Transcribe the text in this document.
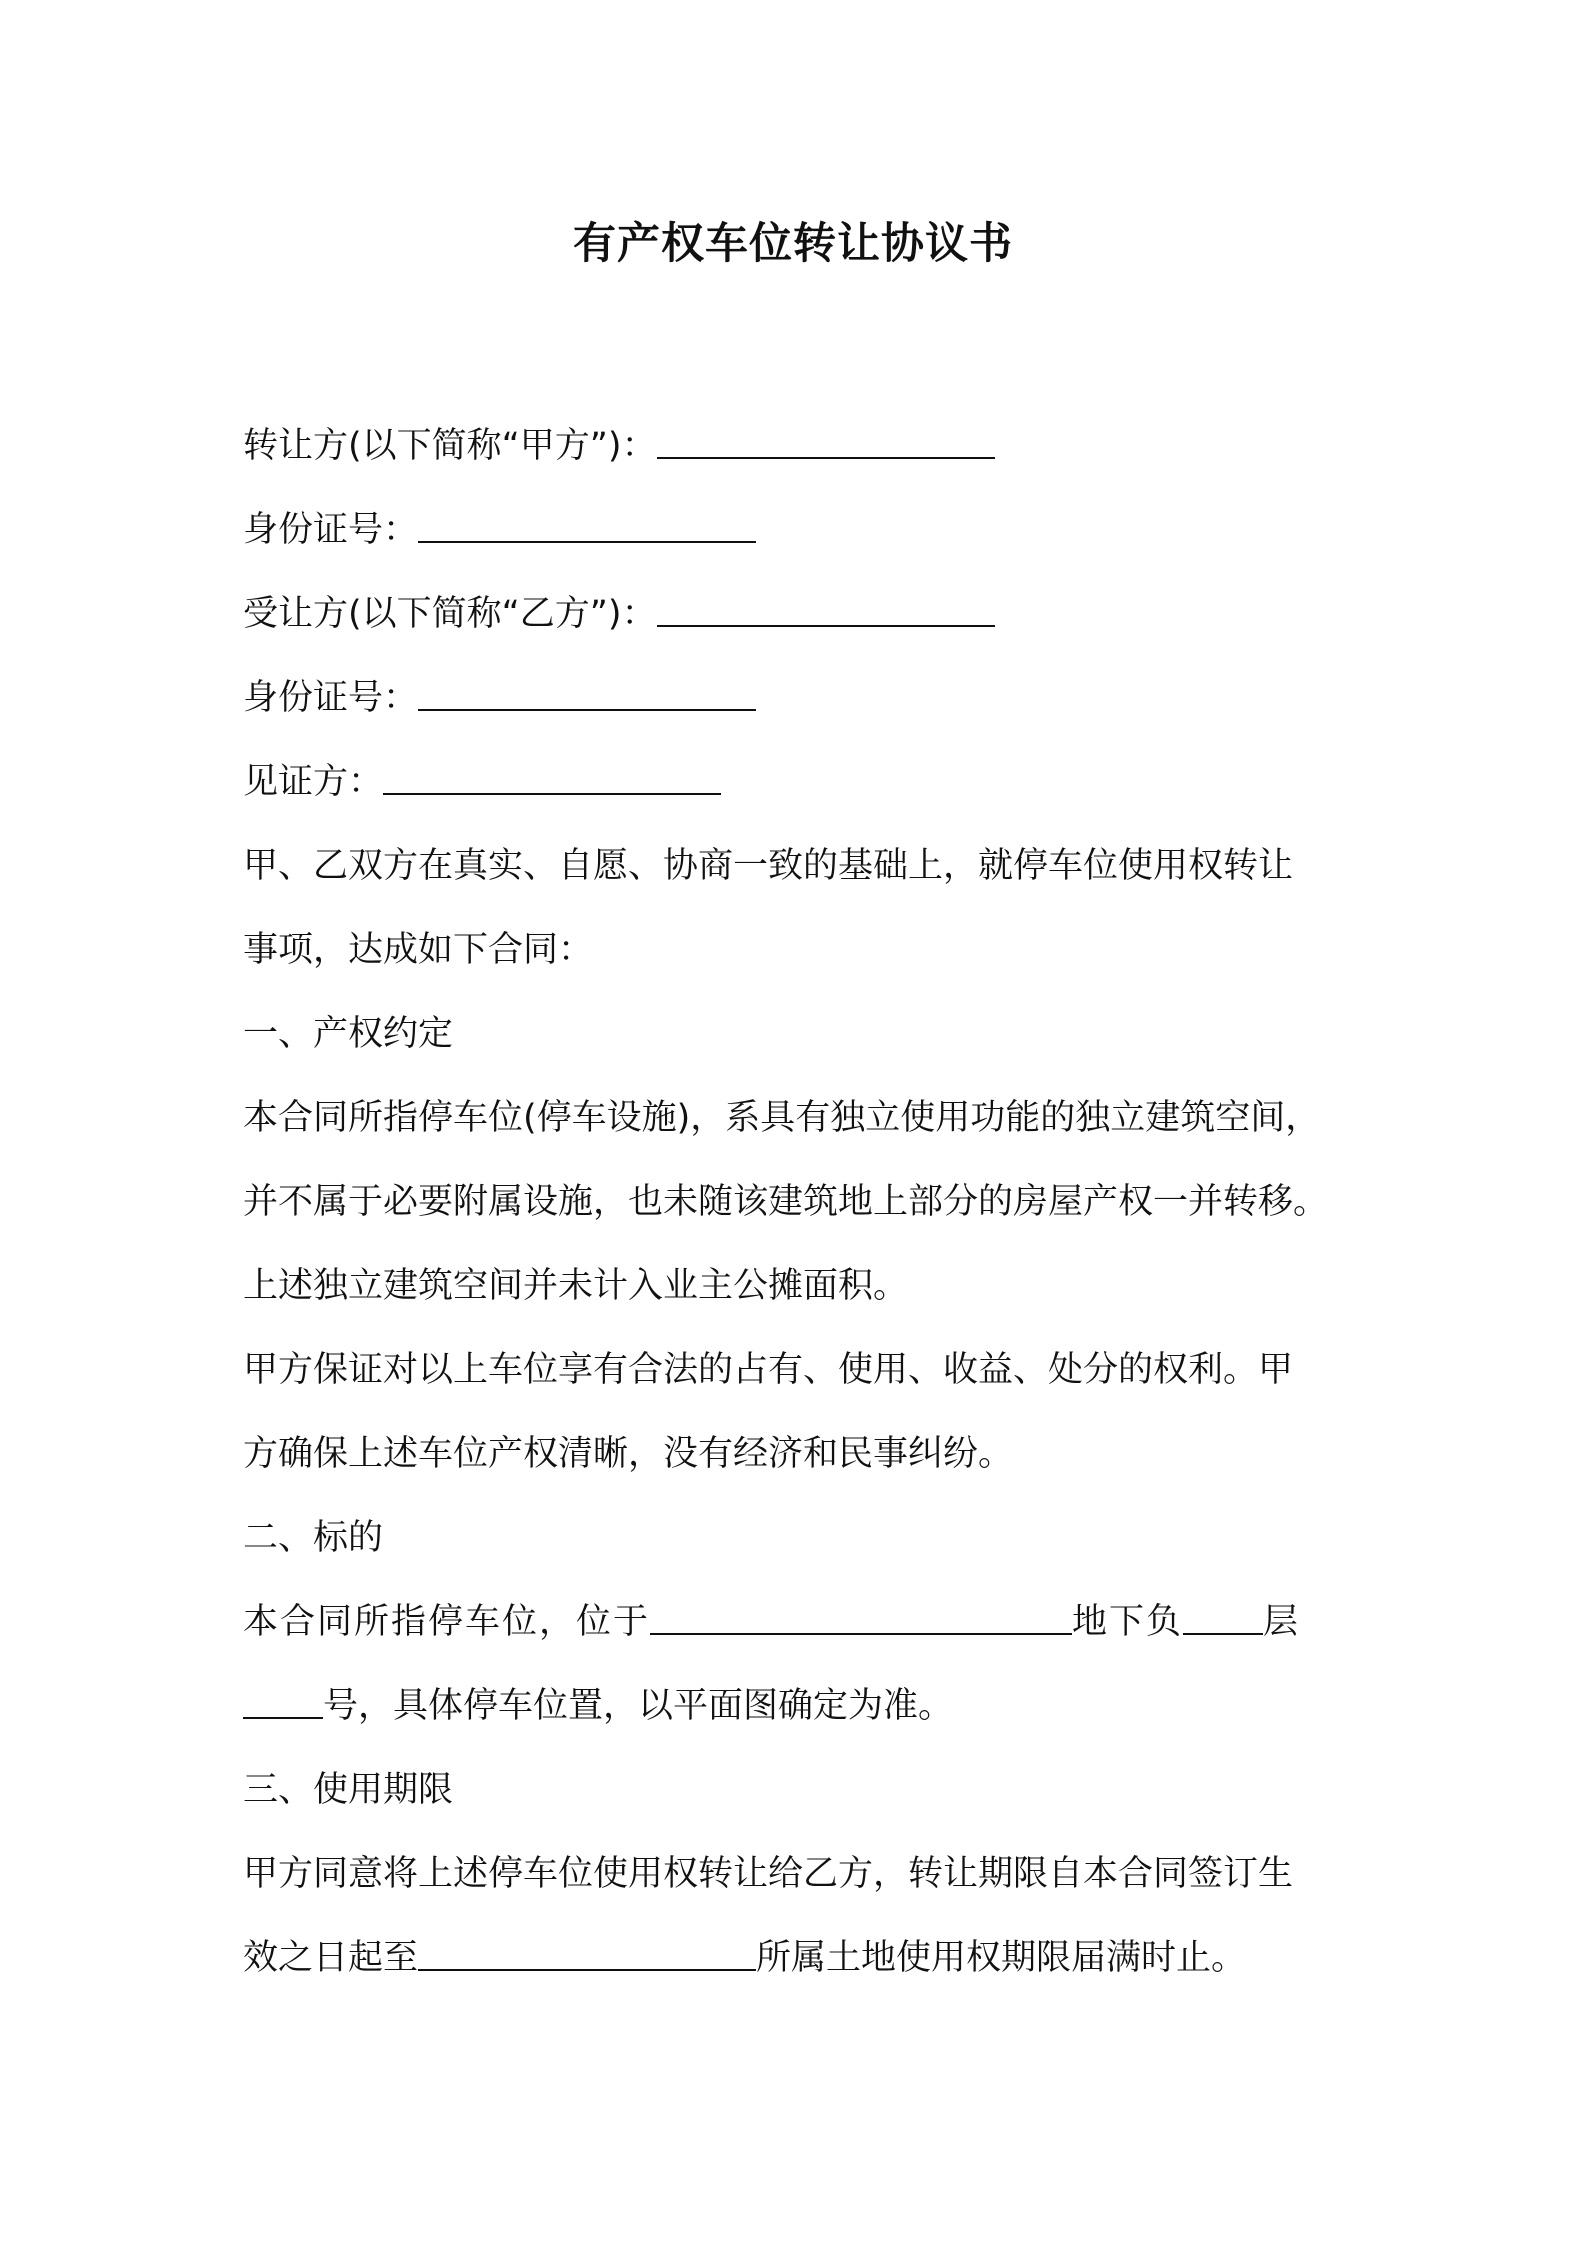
有产权车位转让协议书
转让方(以下简称“甲方”)：
身份证号：
受让方(以下简称“乙方”)：
身份证号：
见证方：
甲、乙双方在真实、自愿、协商一致的基础上，就停车位使用权转让
事项，达成如下合同：
一、产权约定
本合同所指停车位(停车设施)，系具有独立使用功能的独立建筑空间，
并不属于必要附属设施，也未随该建筑地上部分的房屋产权一并转移。
上述独立建筑空间并未计入业主公摊面积。
甲方保证对以上车位享有合法的占有、使用、收益、处分的权利。甲
方确保上述车位产权清晰，没有经济和民事纠纷。
二、标的
本合同所指停车位，位于	地下负 层
号，具体停车位置，以平面图确定为准。
三、使用期限
甲方同意将上述停车位使用权转让给乙方，转让期限自本合同签订生
效之日起至	所属土地使用权期限届满时止。
